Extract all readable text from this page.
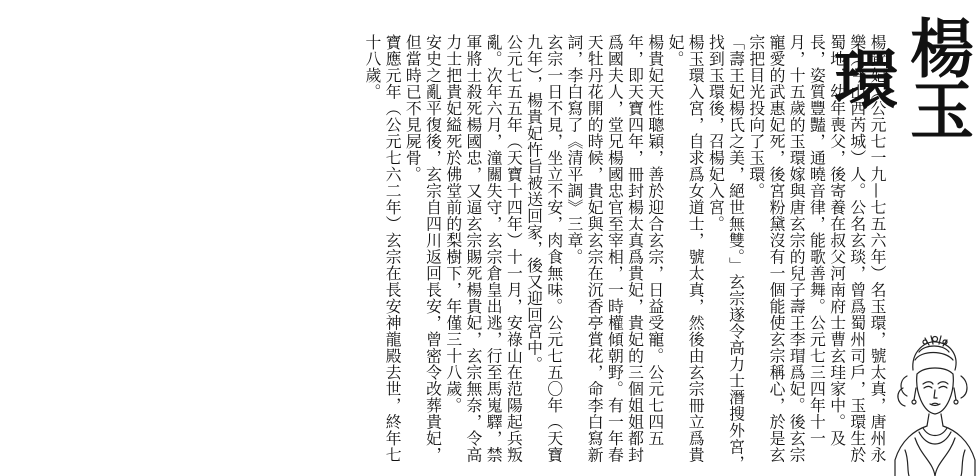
楊玉環

楊貴妃（公元七一九—七五六年）名玉環，號太真，唐州永樂（今山西芮城）人。公名玄琰，曾爲蜀州司戶，玉環生於蜀地，幼年喪父，後寄養在叔父河南府士曹玄珪家中。及長，姿質豐豔，通曉音律，能歌善舞。公元七三四年十一月，十五歲的玉環嫁與唐玄宗的兒子壽王李瑁爲妃。後玄宗寵愛的武惠妃死，後宮粉黛沒有一個能使玄宗稱心，於是玄宗把目光投向了玉環。

「壽王妃楊氏之美，絕世無雙。」玄宗遂令高力士潛搜外宮，找到玉環後，召楊妃入宮。

楊玉環入宮，自求爲女道士，號太真，然後由玄宗冊立爲貴妃。

楊貴妃天性聰穎，善於迎合玄宗，日益受寵。公元七四五年，即天寶四年，冊封楊太真爲貴妃，貴妃的三個姐姐都封爲國夫人，堂兄楊國忠官至宰相，一時權傾朝野。有一年春天牡丹花開的時候，貴妃與玄宗在沉香亭賞花，命李白寫新詞，李白寫了《清平調》三章。

玄宗一日不見，坐立不安，肉食無味。公元七五〇年（天寶九年），楊貴妃忤旨被送回家，後又迎回宮中。

公元七五五年（天寶十四年）十一月，安祿山在范陽起兵叛亂。次年六月，潼關失守，玄宗倉皇出逃，行至馬嵬驛，禁軍將士殺死楊國忠，又逼玄宗賜死楊貴妃，玄宗無奈，令高力士把貴妃縊死於佛堂前的梨樹下，年僅三十八歲。

安史之亂平復後，玄宗自四川返回長安，曾密令改葬貴妃，但當時已不見屍骨。

寶應元年（公元七六二年）玄宗在長安神龍殿去世，終年七十八歲。
